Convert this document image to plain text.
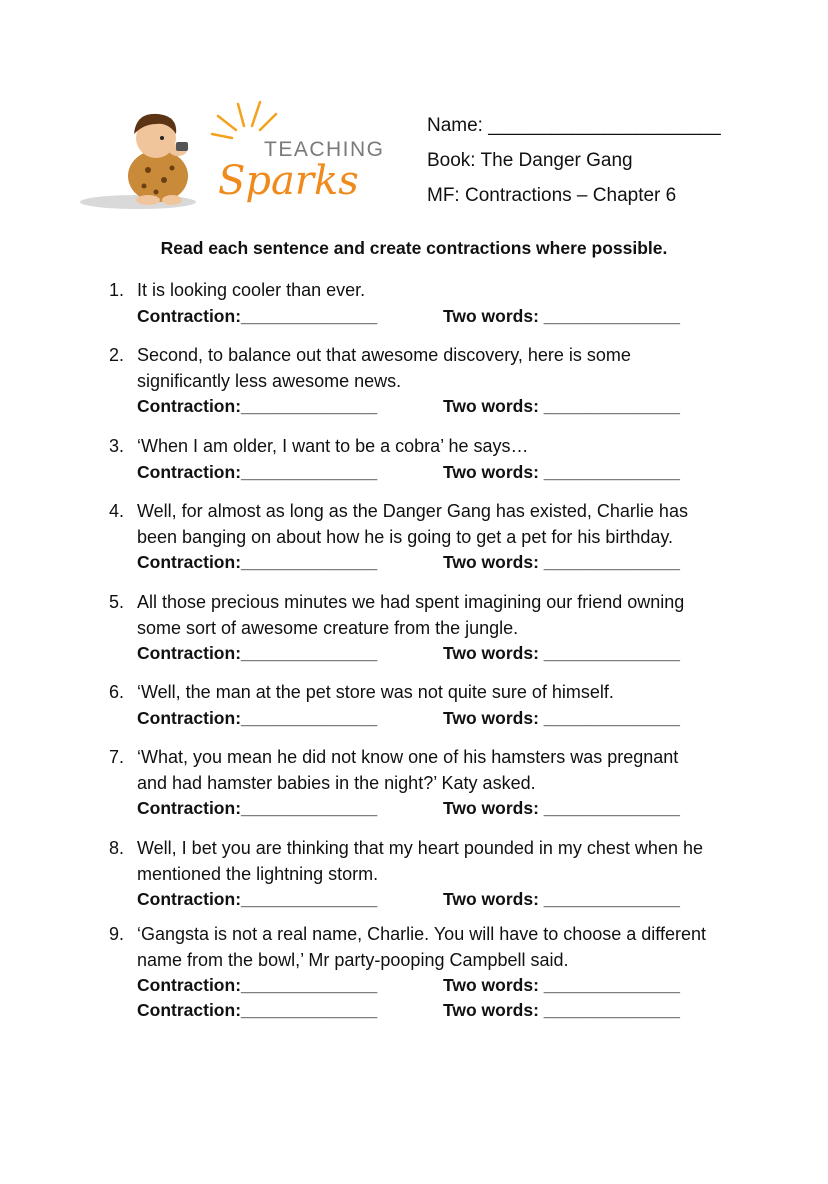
TEACHING
Sparks
Name: ______________________
Book: The Danger Gang
MF: Contractions – Chapter 6
Read each sentence and create contractions where possible.
1. It is looking cooler than ever.
Contraction:______________	Two words: ______________
2. Second, to balance out that awesome discovery, here is some
significantly less awesome news.
Contraction:______________	Two words: ______________
3. ‘When I am older, I want to be a cobra’ he says…
Contraction:______________	Two words: ______________
4. Well, for almost as long as the Danger Gang has existed, Charlie has
been banging on about how he is going to get a pet for his birthday.
Contraction:______________	Two words: ______________
5. All those precious minutes we had spent imagining our friend owning
some sort of awesome creature from the jungle.
Contraction:______________	Two words: ______________
6. ‘Well, the man at the pet store was not quite sure of himself.
Contraction:______________	Two words: ______________
7. ‘What, you mean he did not know one of his hamsters was pregnant
and had hamster babies in the night?’ Katy asked.
Contraction:______________	Two words: ______________
8. Well, I bet you are thinking that my heart pounded in my chest when he
mentioned the lightning storm.
Contraction:______________	Two words: ______________
9. ‘Gangsta is not a real name, Charlie. You will have to choose a different
name from the bowl,’ Mr party-pooping Campbell said.
Contraction:______________	Two words: ______________
Contraction:______________	Two words: ______________
